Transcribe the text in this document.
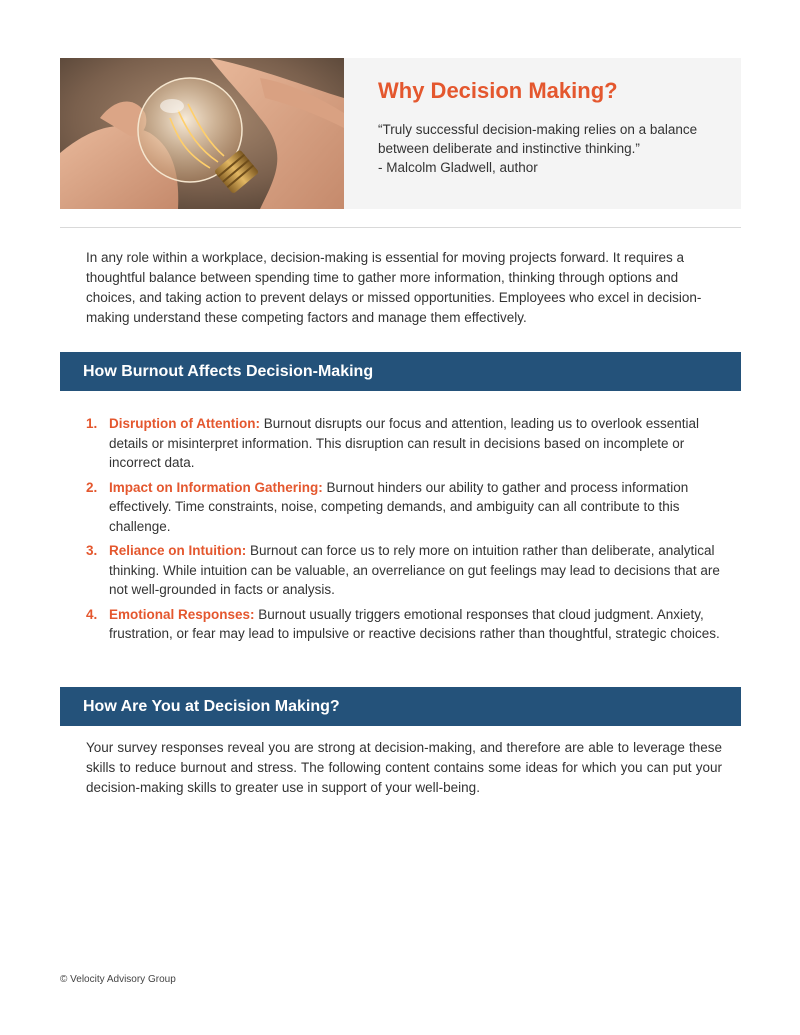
Why Decision Making?
“Truly successful decision-making relies on a balance
between deliberate and instinctive thinking.”
- Malcolm Gladwell, author

In any role within a workplace, decision-making is essential for moving projects forward. It requires a thoughtful balance between spending time to gather more information, thinking through options and choices, and taking action to prevent delays or missed opportunities. Employees who excel in decision-making understand these competing factors and manage them effectively.

How Burnout Affects Decision-Making
1. Disruption of Attention: Burnout disrupts our focus and attention, leading us to overlook essential details or misinterpret information. This disruption can result in decisions based on incomplete or incorrect data.
2. Impact on Information Gathering: Burnout hinders our ability to gather and process information effectively. Time constraints, noise, competing demands, and ambiguity can all contribute to this challenge.
3. Reliance on Intuition: Burnout can force us to rely more on intuition rather than deliberate, analytical thinking. While intuition can be valuable, an overreliance on gut feelings may lead to decisions that are not well-grounded in facts or analysis.
4. Emotional Responses: Burnout usually triggers emotional responses that cloud judgment. Anxiety, frustration, or fear may lead to impulsive or reactive decisions rather than thoughtful, strategic choices.
How Are You at Decision Making?

Your survey responses reveal you are strong at decision-making, and therefore are able to leverage these skills to reduce burnout and stress. The following content contains some ideas for which you can put your decision-making skills to greater use in support of your well-being.

© Velocity Advisory Group
